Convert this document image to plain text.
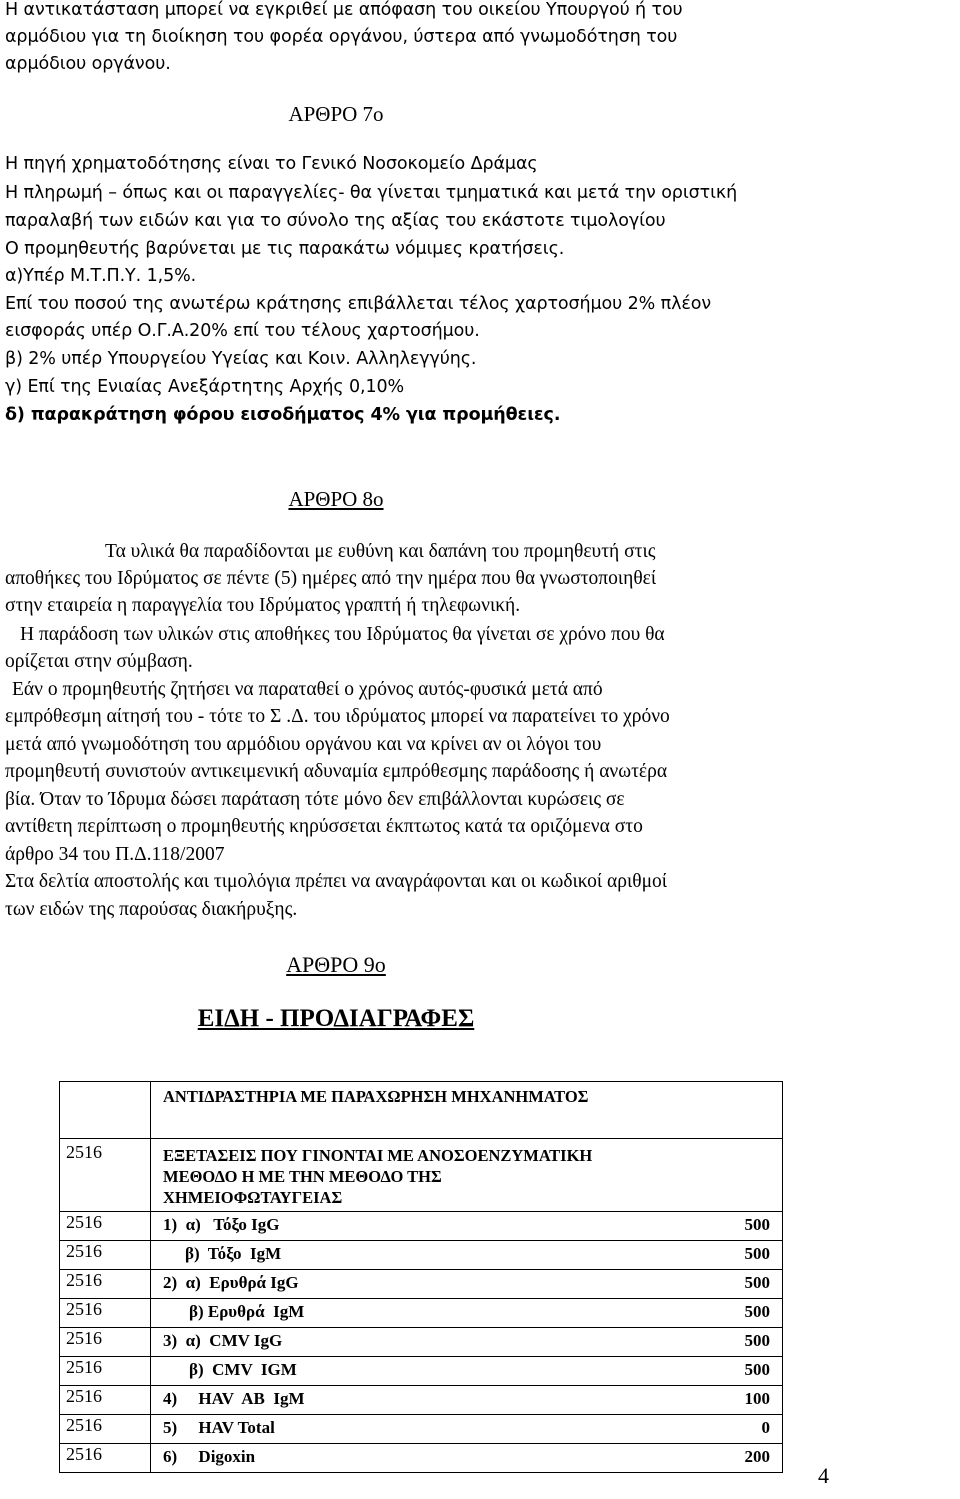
Η αντικατάσταση μπορεί να εγκριθεί με απόφαση του οικείου Υπουργού ή του
αρμόδιου για τη διοίκηση του φορέα οργάνου, ύστερα από γνωμοδότηση του
αρμόδιου οργάνου.
ΑΡΘΡΟ 7ο
Η πηγή χρηματοδότησης είναι το Γενικό Νοσοκομείο Δράμας
Η πληρωμή – όπως και οι παραγγελίες- θα γίνεται τμηματικά και μετά την οριστική
παραλαβή των ειδών και για το σύνολο της αξίας του εκάστοτε τιμολογίου
Ο προμηθευτής βαρύνεται με τις παρακάτω νόμιμες κρατήσεις.
α)Υπέρ Μ.Τ.Π.Υ. 1,5%.
Επί του ποσού της ανωτέρω κράτησης επιβάλλεται τέλος χαρτοσήμου 2% πλέον
εισφοράς υπέρ Ο.Γ.Α.20% επί του τέλους χαρτοσήμου.
β) 2% υπέρ Υπουργείου Υγείας και Κοιν. Αλληλεγγύης.
γ) Επί της Ενιαίας Ανεξάρτητης Αρχής 0,10%
δ) παρακράτηση φόρου εισοδήματος 4% για προμήθειες.
ΑΡΘΡΟ 8ο
Τα υλικά θα παραδίδονται με ευθύνη και δαπάνη του προμηθευτή στις
αποθήκες του Ιδρύματος σε πέντε (5) ημέρες από την ημέρα που θα γνωστοποιηθεί
στην εταιρεία η παραγγελία του Ιδρύματος γραπτή ή τηλεφωνική.
Η παράδοση των υλικών στις αποθήκες του Ιδρύματος θα γίνεται σε χρόνο που θα
ορίζεται στην σύμβαση.
Εάν ο προμηθευτής ζητήσει να παραταθεί ο χρόνος αυτός-φυσικά μετά από
εμπρόθεσμη αίτησή του - τότε το Σ .Δ. του ιδρύματος μπορεί να παρατείνει το χρόνο
μετά από γνωμοδότηση του αρμόδιου οργάνου και να κρίνει αν οι λόγοι του
προμηθευτή συνιστούν αντικειμενική αδυναμία εμπρόθεσμης παράδοσης ή ανωτέρα
βία. Όταν το Ίδρυμα δώσει παράταση τότε μόνο δεν επιβάλλονται κυρώσεις σε
αντίθετη περίπτωση ο προμηθευτής κηρύσσεται έκπτωτος κατά τα οριζόμενα στο
άρθρο 34 του Π.Δ.118/2007
Στα δελτία αποστολής και τιμολόγια πρέπει να αναγράφονται και οι κωδικοί αριθμοί
των ειδών της παρούσας διακήρυξης.
ΑΡΘΡΟ 9ο
ΕΙΔΗ - ΠΡΟΔΙΑΓΡΑΦΕΣ
	ΑΝΤΙΔΡΑΣΤΗΡΙΑ ΜΕ ΠΑΡΑΧΩΡΗΣΗ ΜΗΧΑΝΗΜΑΤΟΣ
2516	ΕΞΕΤΑΣΕΙΣ ΠΟΥ ΓΙΝΟΝΤΑΙ ΜΕ ΑΝΟΣΟΕΝΖΥΜΑΤΙΚΗ
ΜΕΘΟΔΟ Η ΜΕ ΤΗΝ ΜΕΘΟΔΟ ΤΗΣ
ΧΗΜΕΙΟΦΩΤΑΥΓΕΙΑΣ

2516	1)  α)   Τόξο IgG 500

2516	β)  Τόξο  IgM 500

2516	2)  α)  Ερυθρά IgG 500

2516	β) Ερυθρά  IgM 500

2516	3)  α)  CMV IgG 500

2516	β)  CMV  IGM 500

2516	4)     HAV  AB  IgM 100

2516	5)     HAV Total 0

2516	6)     Digoxin 200
4
